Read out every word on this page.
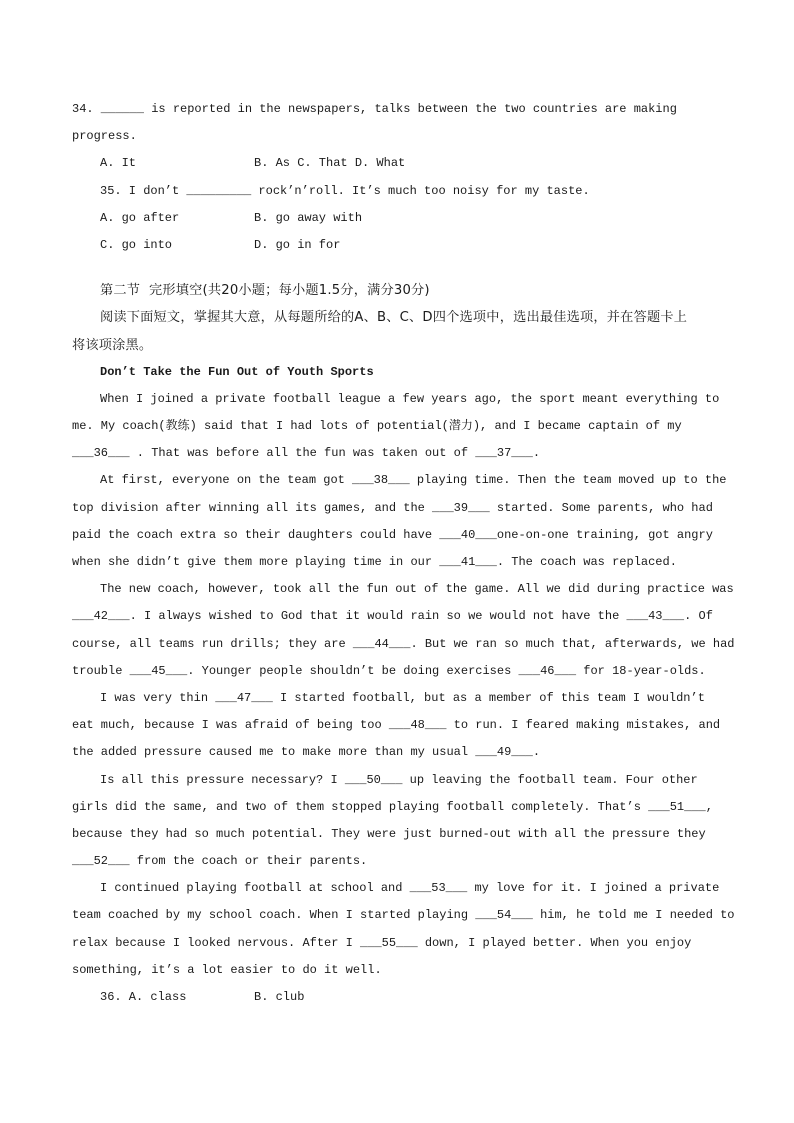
34. ______ is reported in the newspapers, talks between the two countries are making
progress.
A. It	B. As C. That D. What
35. I don’t _________ rock’n’roll. It’s much too noisy for my taste.
A. go after	B. go away with
C. go into	D. go in for
第二节  完形填空(共20小题；每小题1.5分，满分30分)
阅读下面短文，掌握其大意，从每题所给的A、B、C、D四个选项中，选出最佳选项，并在答题卡上
将该项涂黑。
Don’t Take the Fun Out of Youth Sports
When I joined a private football league a few years ago, the sport meant everything to
me. My coach(教练) said that I had lots of potential(潜力), and I became captain of my
___36___ . That was before all the fun was taken out of ___37___.
At first, everyone on the team got ___38___ playing time. Then the team moved up to the
top division after winning all its games, and the ___39___ started. Some parents, who had
paid the coach extra so their daughters could have ___40___one-on-one training, got angry
when she didn’t give them more playing time in our ___41___. The coach was replaced.
The new coach, however, took all the fun out of the game. All we did during practice was
___42___. I always wished to God that it would rain so we would not have the ___43___. Of
course, all teams run drills; they are ___44___. But we ran so much that, afterwards, we had
trouble ___45___. Younger people shouldn’t be doing exercises ___46___ for 18-year-olds.
I was very thin ___47___ I started football, but as a member of this team I wouldn’t
eat much, because I was afraid of being too ___48___ to run. I feared making mistakes, and
the added pressure caused me to make more than my usual ___49___.
Is all this pressure necessary? I ___50___ up leaving the football team. Four other
girls did the same, and two of them stopped playing football completely. That’s ___51___,
because they had so much potential. They were just burned-out with all the pressure they
___52___ from the coach or their parents.
I continued playing football at school and ___53___ my love for it. I joined a private
team coached by my school coach. When I started playing ___54___ him, he told me I needed to
relax because I looked nervous. After I ___55___ down, I played better. When you enjoy
something, it’s a lot easier to do it well.
36. A. class	B. club
